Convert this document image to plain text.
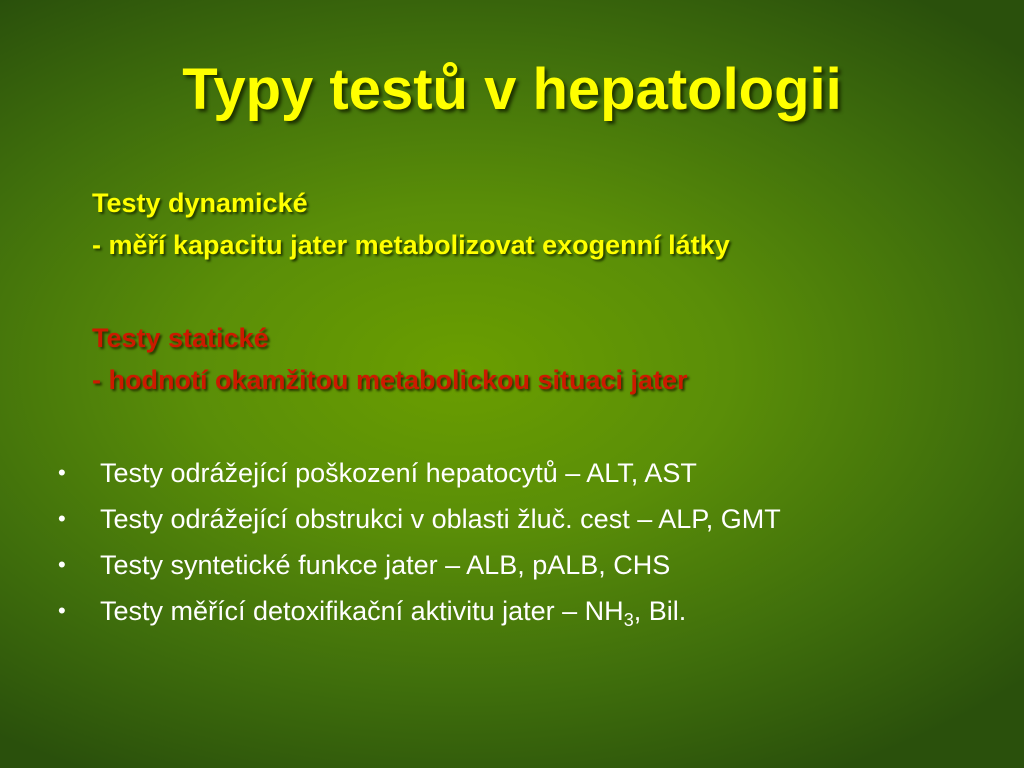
Typy testů v hepatologii
Testy dynamické
- měří kapacitu jater metabolizovat exogenní látky
Testy statické
- hodnotí okamžitou metabolickou situaci jater
• Testy odrážející poškození hepatocytů – ALT, AST
• Testy odrážející obstrukci v oblasti žluč. cest – ALP, GMT
• Testy syntetické funkce jater – ALB, pALB, CHS
• Testy měřící detoxifikační aktivitu jater – $NH_3$, Bil.
